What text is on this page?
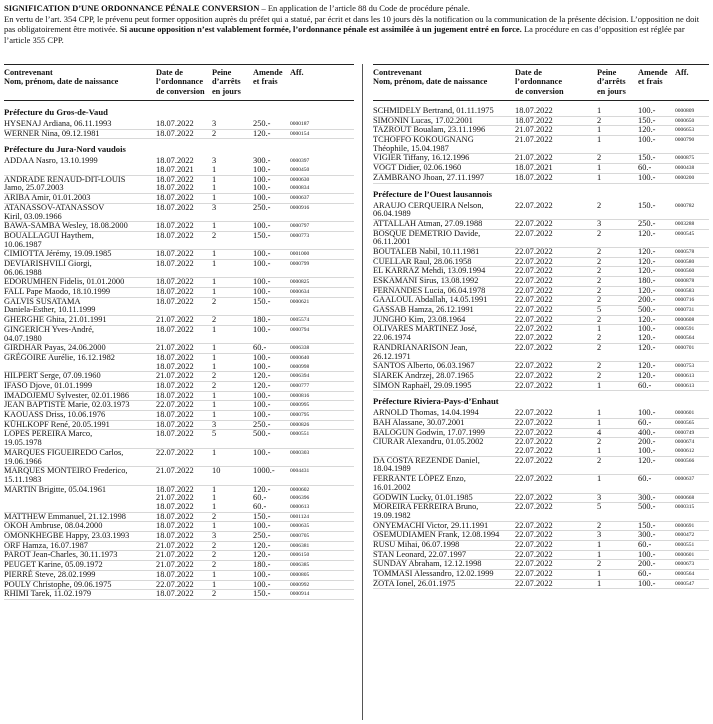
SIGNIFICATION D’UNE ORDONNANCE PÉNALE CONVERSION – En application de l’article 88 du Code de procédure pénale.
En vertu de l’art. 354 CPP, le prévenu peut former opposition auprès du préfet qui a statué, par écrit et dans les 10 jours dès la notification ou la communication de la présente décision. L’opposition ne doit pas obligatoirement être motivée. Si aucune opposition n’est valablement formée, l’ordonnance pénale est assimilée à un jugement entré en force. La procédure en cas d’opposition est réglée par l’article 355 CPP.
Contrevenant
Nom, prénom, date de naissance
Date de
l’ordonnance
de conversion
Peine
d’arrêts
en jours
Amende
et frais
Aff.
Préfecture du Gros-de-Vaud
HYSENAJ Ardiana, 06.11.1993	18.07.2022 3	250.-	0000187
WERNER Nina, 09.12.1981	18.07.2022 2	120.-	0000154
Préfecture du Jura-Nord vaudois
ADDAA Nasro, 13.10.1999	18.07.2022 3	300.-	0000397
18.07.2021 1	100.-	0000450
ANDRADE RENAUD-DIT-LOUIS
Jamo, 25.07.2003
18.07.2022 1	100.-	0000630
18.07.2022 1	100.-	0000834
ARIBA Amir, 01.01.2003	18.07.2022 1	100.-	0000637
ATANASSOV-ATANASSOV
Kiril, 03.09.1966
18.07.2022 3	250.-	0000916
BAWA-SAMBA Wesley, 18.08.2000	18.07.2022 1	100.-	0000797
BOUALLAGUI Haythem,
10.06.1987
18.07.2022 2	150.-	0000773
CIMIOTTA Jérémy, 19.09.1985	18.07.2022 1	100.-	0001000
DEVIARISHVILI Giorgi,
06.06.1988
18.07.2022 1	100.-	0000799
EDORUMHEN Fidelis, 01.01.2000	18.07.2022 1	100.-	0000825
FALL Pape Maodo, 18.10.1999	18.07.2022 1	100.-	0000634
GALVIS SUSATAMA
Daniela-Esther, 10.11.1999
18.07.2022 2	150.-	0000621
GHERGHE Ghita, 21.01.1991	21.07.2022 2	180.-	0005574
GINGERICH Yves-André,
04.07.1980
18.07.2022 1	100.-	0000794
GIRDHAR Payas, 24.06.2000	21.07.2022 1	60.-	0006338
GRÉGOIRE Aurélie, 16.12.1982	18.07.2022 1	100.-	0000640
18.07.2022 1	100.-	0000998
HILPERT Serge, 07.09.1960	21.07.2022 2	120.-	0006394
IFASO Djove, 01.01.1999	18.07.2022 2	120.-	0000777
IMADOJEMU Sylvester, 02.01.1986	18.07.2022 1	100.-	0000816
JEAN BAPTISTE Marie, 02.03.1973	22.07.2022 1	100.-	0000995
KAOUASS Driss, 10.06.1976	18.07.2022 1	100.-	0000795
KÜHLKOPF René, 20.05.1991	18.07.2022 3	250.-	0000826
LOPES PEREIRA Marco,
19.05.1978
18.07.2022 5	500.-	0000551
MARQUES FIGUEIREDO Carlos,
19.06.1966
22.07.2022 1	100.-	0000303
MARQUES MONTEIRO Frederico,
15.11.1983
21.07.2022 10	1000.-	0004431
MARTIN Brigitte, 05.04.1961	18.07.2022 1	120.-	0000602
21.07.2022 1	60.-	0006396
18.07.2022 1	60.-	0000613
MATTHEW Emmanuel, 21.12.1998	18.07.2022 2	150.-	0001124
OKOH Ambruse, 08.04.2000	18.07.2022 1	100.-	0000635
OMONKHEGBE Happy, 23.03.1993	18.07.2022 3	250.-	0000705
ORF Hamza, 16.07.1987	21.07.2022 2	120.-	0006381
PAROT Jean-Charles, 30.11.1973	21.07.2022 2	120.-	0006150
PEUGET Karine, 05.09.1972	21.07.2022 2	180.-	0006385
PIERRÉ Steve, 28.02.1999	18.07.2022 1	100.-	0000805
POULY Christophe, 09.06.1975	22.07.2022 1	100.-	0000992
RHIMI Tarek, 11.02.1979	18.07.2022 2	150.-	0000914
Contrevenant
Nom, prénom, date de naissance
Date de
l’ordonnance
de conversion
Peine
d’arrêts
en jours
Amende
et frais
Aff.
SCHMIDELY Bertrand, 01.11.1975	18.07.2022	1	100.-	0000809
SIMONIN Lucas, 17.02.2001	18.07.2022	2	150.-	0000650
TAZROUT Boualam, 23.11.1996	21.07.2022	1	120.-	0006653
TCHOFFO KOKOUGNANG
Théophile, 15.04.1987
21.07.2022	1	100.-	0000790
VIGIER Tiffany, 16.12.1996	21.07.2022	2	150.-	0000875
VOGT Didier, 02.06.1960	18.07.2021	1	60.-	0000438
ZAMBRANO Jhoan, 27.11.1997	18.07.2022	1	100.-	0000200
Préfecture de l’Ouest lausannois
ARAUJO CERQUEIRA Nelson,
06.04.1989
22.07.2022	2	150.-	0000782
ATTALLAH Atman, 27.09.1988	22.07.2022	3	250.-	0003288
BOSQUE DEMETRIO Davide,
06.11.2001
22.07.2022	2	120.-	0000545
BOUTALEB Nabil, 10.11.1981	22.07.2022	2	120.-	0000578
CUELLAR Raul, 28.06.1958	22.07.2022	2	120.-	0000580
EL KARRAZ Mehdi, 13.09.1994	22.07.2022	2	120.-	0000560
ESKAMANI Sirus, 13.08.1992	22.07.2022	2	180.-	0000878
FERNANDES Lucia, 06.04.1978	22.07.2022	2	120.-	0000583
GAALOUL Abdallah, 14.05.1991	22.07.2022	2	200.-	0000716
GASSAB Hamza, 26.12.1991	22.07.2022	5	500.-	0000731
JUNGHO Kim, 23.08.1964	22.07.2022	2	120.-	0000608
OLIVARES MARTINEZ José,
22.06.1974
22.07.2022	1	100.-	0000591
22.07.2022	2	120.-	0000564
RANDRIANARISON Jean,
26.12.1971
22.07.2022	2	120.-	0000701
SANTOS Alberto, 06.03.1967	22.07.2022	2	120.-	0000753
SIAREK Andrzej, 28.07.1965	22.07.2022	2	120.-	0000613
SIMON Raphaël, 29.09.1995	22.07.2022	1	60.-	0000613
Préfecture Riviera-Pays-d’Enhaut
ARNOLD Thomas, 14.04.1994	22.07.2022	1	100.-	0000601
BAH Alassane, 30.07.2001	22.07.2022	1	60.-	0000565
BALOGUN Godwin, 17.07.1999	22.07.2022	4	400.-	0000749
CIURAR Alexandru, 01.05.2002	22.07.2022	2	200.-	0000674
22.07.2022	1	100.-	0000612
DA COSTA REZENDE Daniel,
18.04.1989
22.07.2022	2	120.-	0000566
FERRANTE LÒPEZ Enzo,
16.01.2002
22.07.2022	1	60.-	0000637
GODWIN Lucky, 01.01.1985	22.07.2022	3	300.-	0000668
MOREIRA FERREIRA Bruno,
19.09.1982
22.07.2022	5	500.-	0000315
ONYEMACHI Victor, 29.11.1991	22.07.2022	2	150.-	0000691
OSEMUDIAMEN Frank, 12.08.1994 22.07.2022	3	300.-	0000472
RUSU Mihai, 06.07.1998	22.07.2022	1	60.-	0000551
STAN Leonard, 22.07.1997	22.07.2022	1	100.-	0000601
SUNDAY Abraham, 12.12.1998	22.07.2022	2	200.-	0000673
TOMMASI Alessandro, 12.02.1999	22.07.2022	1	60.-	0000564
ZOTA Ionel, 26.01.1975	22.07.2022	1	100.-	0000547
